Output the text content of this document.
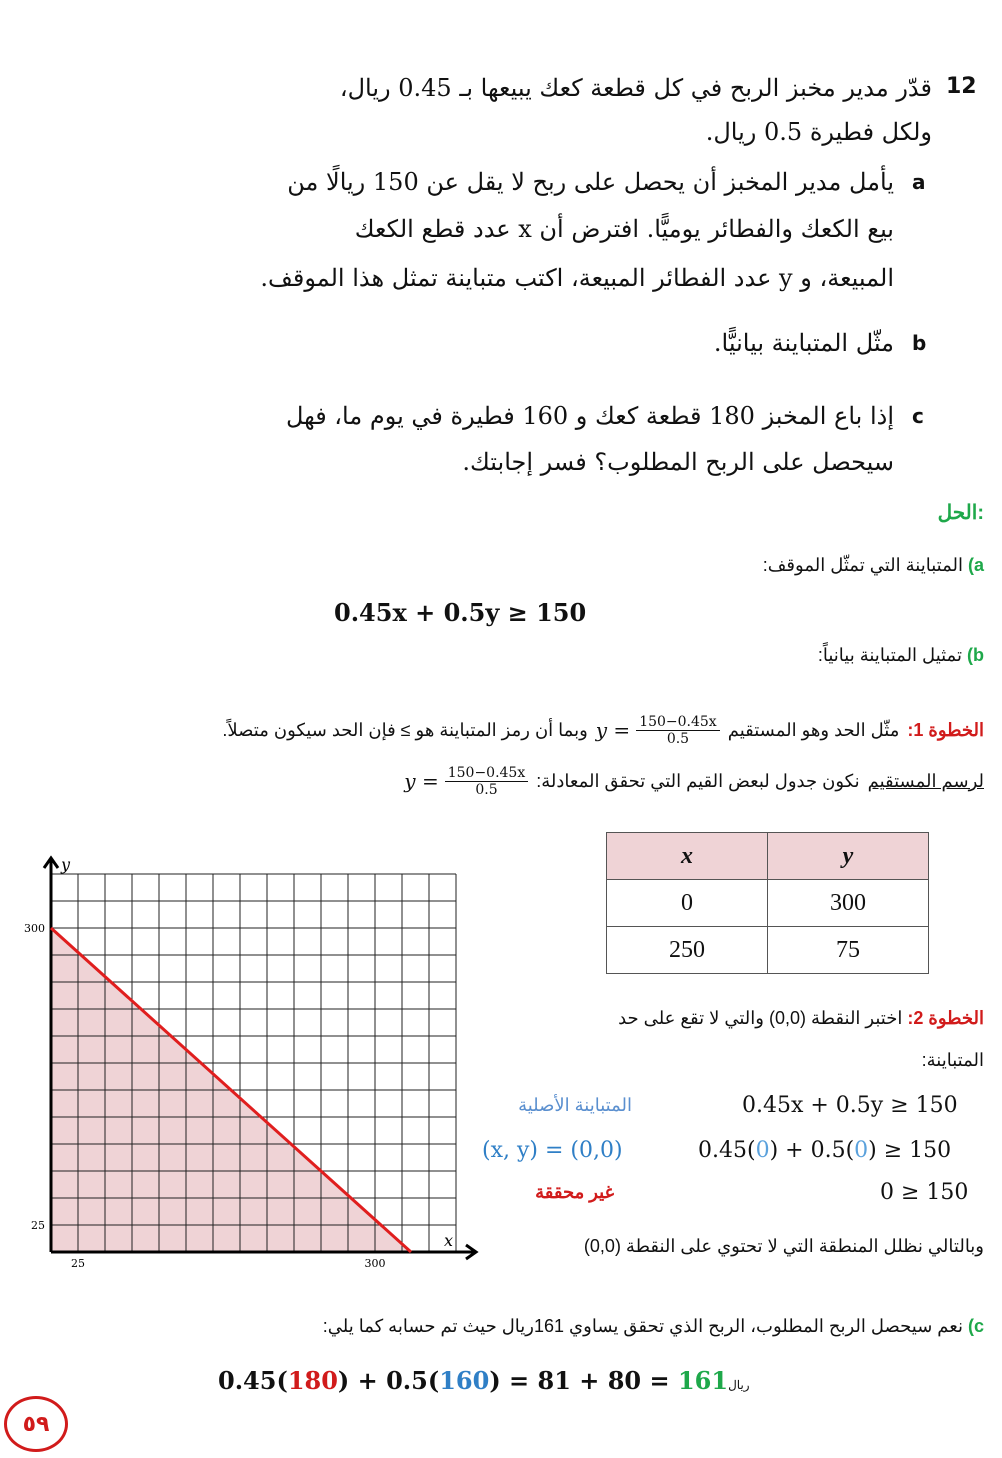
12
قدّر مدير مخبز الربح في كل قطعة كعك يبيعها بـ 0.45 ريال،
ولكل فطيرة 0.5 ريال.
a
يأمل مدير المخبز أن يحصل على ربح لا يقل عن 150 ريالًا من
بيع الكعك والفطائر يوميًّا. افترض أن x عدد قطع الكعك
المبيعة، و y عدد الفطائر المبيعة، اكتب متباينة تمثل هذا الموقف.
b
مثّل المتباينة بيانيًّا.
c
إذا باع المخبز 180 قطعة كعك و 160 فطيرة في يوم ما، فهل
سيحصل على الربح المطلوب؟ فسر إجابتك.
الحل:
a) المتباينة التي تمثّل الموقف:
0.45x + 0.5y ≥ 150
b) تمثيل المتباينة بيانياً:
الخطوة 1:
مثّل الحد وهو المستقيم
$y = \frac{150-0.45x}{0.5}$
وبما أن رمز المتباينة هو ≥ فإن الحد سيكون متصلاً.
لرسم المستقيم
نكون جدول لبعض القيم التي تحقق المعادلة:
$y = \frac{150-0.45x}{0.5}$
x	y
0	300
250	75
25	300
25
300
x
y
الخطوة 2: اختبر النقطة (0,0) والتي لا تقع على حد
المتباينة:
المتباينة الأصلية	0.45x + 0.5y ≥ 150
(x, y) = (0,0)	0.45(0) + 0.5(0) ≥ 150
غير محققة	0 ≥ 150
وبالتالي نظلل المنطقة التي لا تحتوي على النقطة (0,0)
c) نعم سيحصل الربح المطلوب، الربح الذي تحقق يساوي 161ريال حيث تم حسابه كما يلي:
0.45(180) + 0.5(160) = 81 + 80 = 161ريال
٥٩
